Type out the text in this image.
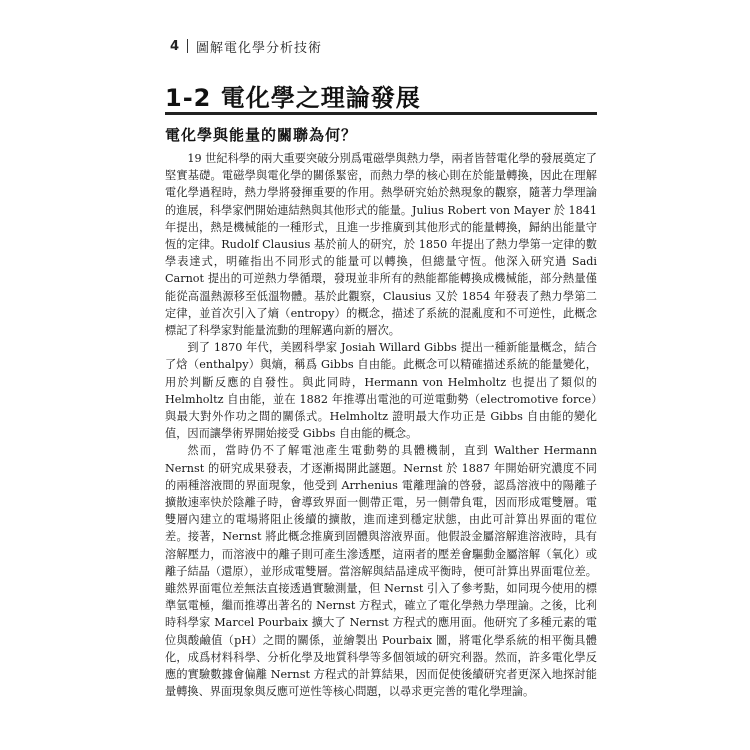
4 圖解電化學分析技術
1-2 電化學之理論發展
電化學與能量的關聯為何？

19 世紀科學的兩大重要突破分別爲電磁學與熱力學，兩者皆替電化學的發展奠定了堅實基礎。電磁學與電化學的關係緊密，而熱力學的核心則在於能量轉換，因此在理解電化學過程時，熱力學將發揮重要的作用。熱學研究始於熱現象的觀察，隨著力學理論的進展，科學家們開始連結熱與其他形式的能量。Julius Robert von Mayer 於 1841 年提出，熱是機械能的一種形式，且進一步推廣到其他形式的能量轉換，歸納出能量守恆的定律。Rudolf Clausius 基於前人的研究，於 1850 年提出了熱力學第一定律的數學表達式，明確指出不同形式的能量可以轉換，但總量守恆。他深入研究過 Sadi Carnot 提出的可逆熱力學循環，發現並非所有的熱能都能轉換成機械能，部分熱量僅能從高溫熱源移至低溫物體。基於此觀察，Clausius 又於 1854 年發表了熱力學第二定律，並首次引入了熵（entropy）的概念，描述了系統的混亂度和不可逆性，此概念標記了科學家對能量流動的理解邁向新的層次。

到了 1870 年代，美國科學家 Josiah Willard Gibbs 提出一種新能量概念，結合了焓（enthalpy）與熵，稱爲 Gibbs 自由能。此概念可以精確描述系統的能量變化，用於判斷反應的自發性。與此同時，Hermann von Helmholtz 也提出了類似的 Helmholtz 自由能，並在 1882 年推導出電池的可逆電動勢（electromotive force）與最大對外作功之間的關係式。Helmholtz 證明最大作功正是 Gibbs 自由能的變化值，因而讓學術界開始接受 Gibbs 自由能的概念。

然而，當時仍不了解電池產生電動勢的具體機制，直到 Walther Hermann Nernst 的研究成果發表，才逐漸揭開此謎題。Nernst 於 1887 年開始研究濃度不同的兩種溶液間的界面現象，他受到 Arrhenius 電離理論的啓發，認爲溶液中的陽離子擴散速率快於陰離子時，會導致界面一側帶正電，另一側帶負電，因而形成電雙層。電雙層內建立的電場將阻止後續的擴散，進而達到穩定狀態，由此可計算出界面的電位差。接著，Nernst 將此概念推廣到固體與溶液界面。他假設金屬溶解進溶液時，具有溶解壓力，而溶液中的離子則可產生滲透壓，這兩者的壓差會驅動金屬溶解（氧化）或離子結晶（還原），並形成電雙層。當溶解與結晶達成平衡時，便可計算出界面電位差。雖然界面電位差無法直接透過實驗測量，但 Nernst 引入了參考點，如同現今使用的標準氫電極，繼而推導出著名的 Nernst 方程式，確立了電化學熱力學理論。之後，比利時科學家 Marcel Pourbaix 擴大了 Nernst 方程式的應用面。他研究了多種元素的電位與酸鹼值（pH）之間的關係，並繪製出 Pourbaix 圖，將電化學系統的相平衡具體化，成爲材料科學、分析化學及地質科學等多個領域的研究利器。然而，許多電化學反應的實驗數據會偏離 Nernst 方程式的計算結果，因而促使後續研究者更深入地探討能量轉換、界面現象與反應可逆性等核心問題，以尋求更完善的電化學理論。
